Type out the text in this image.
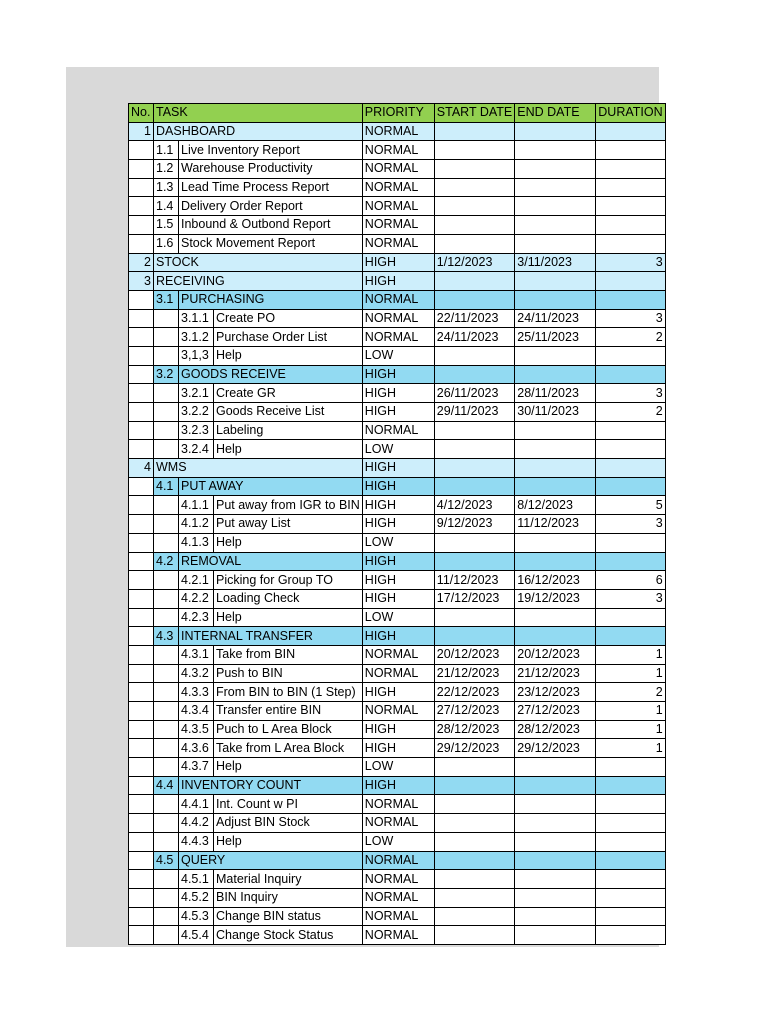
No.	TASK			PRIORITY	START DATE	END DATE	DURATION
1	DASHBOARD			NORMAL			
	1.1	Live Inventory Report		NORMAL			
	1.2	Warehouse Productivity		NORMAL			
	1.3	Lead Time Process Report		NORMAL			
	1.4	Delivery Order Report		NORMAL			
	1.5	Inbound & Outbond Report		NORMAL			
	1.6	Stock Movement Report		NORMAL			
2	STOCK			HIGH	1/12/2023	3/11/2023	3
3	RECEIVING			HIGH			
	3.1	PURCHASING		NORMAL			
		3.1.1	Create PO	NORMAL	22/11/2023	24/11/2023	3
		3.1.2	Purchase Order List	NORMAL	24/11/2023	25/11/2023	2
		3,1,3	Help	LOW			
	3.2	GOODS RECEIVE		HIGH			
		3.2.1	Create GR	HIGH	26/11/2023	28/11/2023	3
		3.2.2	Goods Receive List	HIGH	29/11/2023	30/11/2023	2
		3.2.3	Labeling	NORMAL			
		3.2.4	Help	LOW			
4	WMS			HIGH			
	4.1	PUT AWAY		HIGH			
		4.1.1	Put away from IGR to BIN	HIGH	4/12/2023	8/12/2023	5
		4.1.2	Put away List	HIGH	9/12/2023	11/12/2023	3
		4.1.3	Help	LOW			
	4.2	REMOVAL		HIGH			
		4.2.1	Picking for Group TO	HIGH	11/12/2023	16/12/2023	6
		4.2.2	Loading Check	HIGH	17/12/2023	19/12/2023	3
		4.2.3	Help	LOW			
	4.3	INTERNAL TRANSFER		HIGH			
		4.3.1	Take from BIN	NORMAL	20/12/2023	20/12/2023	1
		4.3.2	Push to BIN	NORMAL	21/12/2023	21/12/2023	1
		4.3.3	From BIN to BIN (1 Step)	HIGH	22/12/2023	23/12/2023	2
		4.3.4	Transfer entire BIN	NORMAL	27/12/2023	27/12/2023	1
		4.3.5	Puch to L Area Block	HIGH	28/12/2023	28/12/2023	1
		4.3.6	Take from L Area Block	HIGH	29/12/2023	29/12/2023	1
		4.3.7	Help	LOW			
	4.4	INVENTORY COUNT		HIGH			
		4.4.1	Int. Count w PI	NORMAL			
		4.4.2	Adjust BIN Stock	NORMAL			
		4.4.3	Help	LOW			
	4.5	QUERY		NORMAL			
		4.5.1	Material Inquiry	NORMAL			
		4.5.2	BIN Inquiry	NORMAL			
		4.5.3	Change BIN status	NORMAL			
		4.5.4	Change Stock Status	NORMAL			
